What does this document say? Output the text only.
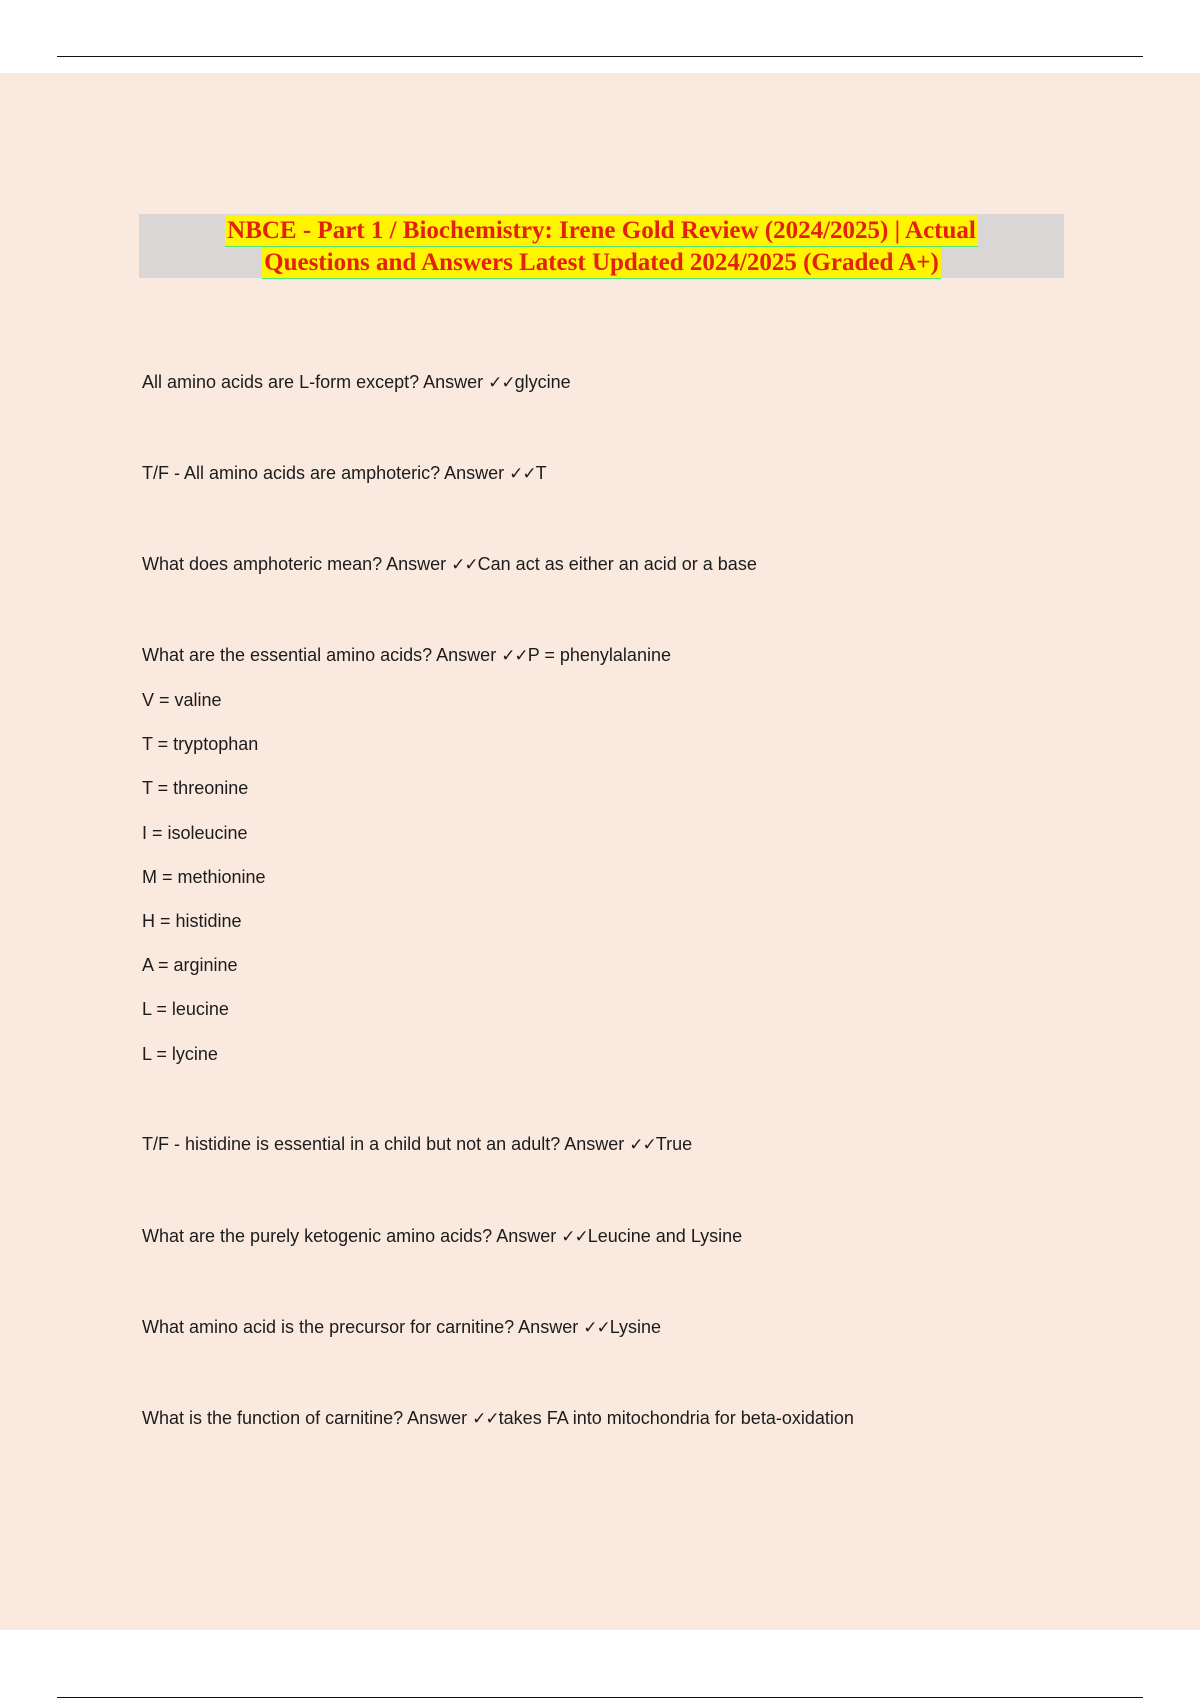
NBCE - Part 1 / Biochemistry: Irene Gold Review (2024/2025) | Actual
Questions and Answers Latest Updated 2024/2025 (Graded A+)

All amino acids are L-form except? Answer ✓✓glycine

T/F - All amino acids are amphoteric? Answer ✓✓T

What does amphoteric mean? Answer ✓✓Can act as either an acid or a base

What are the essential amino acids? Answer ✓✓P = phenylalanine

V = valine

T = tryptophan

T = threonine

I = isoleucine

M = methionine

H = histidine

A = arginine

L = leucine

L = lycine

T/F - histidine is essential in a child but not an adult? Answer ✓✓True

What are the purely ketogenic amino acids? Answer ✓✓Leucine and Lysine

What amino acid is the precursor for carnitine? Answer ✓✓Lysine

What is the function of carnitine? Answer ✓✓takes FA into mitochondria for beta-oxidation
